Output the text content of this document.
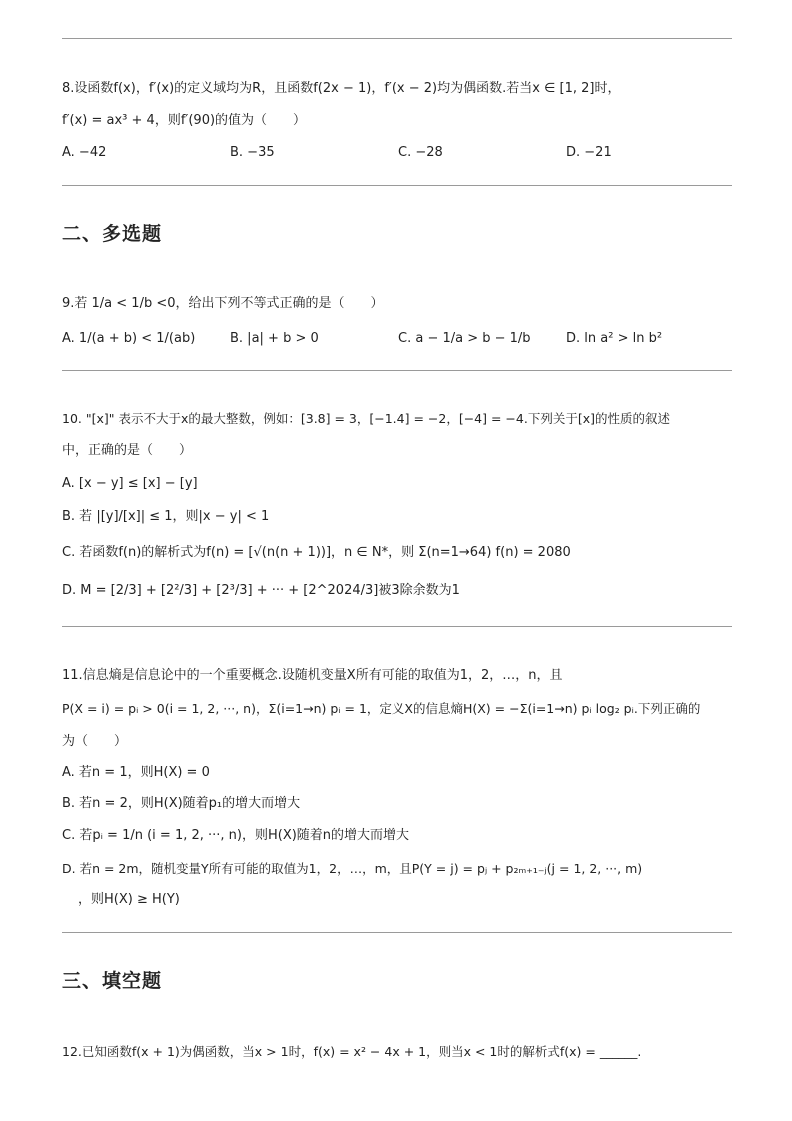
8.设函数f(x)，f′(x)的定义域均为R，且函数f(2x − 1)，f′(x − 2)均为偶函数.若当x ∈ [1, 2]时，
f′(x) = ax³ + 4，则f′(90)的值为（　　）
A. −42	B. −35	C. −28	D. −21
二、多选题
9.若 1/a < 1/b <0，给出下列不等式正确的是（　　）
A. 1/(a + b) < 1/(ab)	B. |a| + b > 0	C. a − 1/a > b − 1/b	D. ln a² > ln b²
10. "[x]" 表示不大于x的最大整数，例如：[3.8] = 3，[−1.4] = −2，[−4] = −4.下列关于[x]的性质的叙述
中，正确的是（　　）
A. [x − y] ≤ [x] − [y]
B. 若 |[y]/[x]| ≤ 1，则|x − y| < 1
C. 若函数f(n)的解析式为f(n) = [√(n(n + 1))]，n ∈ N*，则 Σ(n=1→64) f(n) = 2080
D. M = [2/3] + [2²/3] + [2³/3] + ··· + [2^2024/3]被3除余数为1
11.信息熵是信息论中的一个重要概念.设随机变量X所有可能的取值为1，2，…，n，且
P(X = i) = pᵢ > 0(i = 1, 2, ···, n)，Σ(i=1→n) pᵢ = 1，定义X的信息熵H(X) = −Σ(i=1→n) pᵢ log₂ pᵢ.下列正确的
为（　　）
A. 若n = 1，则H(X) = 0
B. 若n = 2，则H(X)随着p₁的增大而增大
C. 若pᵢ = 1/n (i = 1, 2, ···, n)，则H(X)随着n的增大而增大
D. 若n = 2m，随机变量Y所有可能的取值为1，2，…，m，且P(Y = j) = pⱼ + p₂ₘ₊₁₋ⱼ(j = 1, 2, ···, m)
，则H(X) ≥ H(Y)
三、填空题
12.已知函数f(x + 1)为偶函数，当x > 1时，f(x) = x² − 4x + 1，则当x < 1时的解析式f(x) = ______.
